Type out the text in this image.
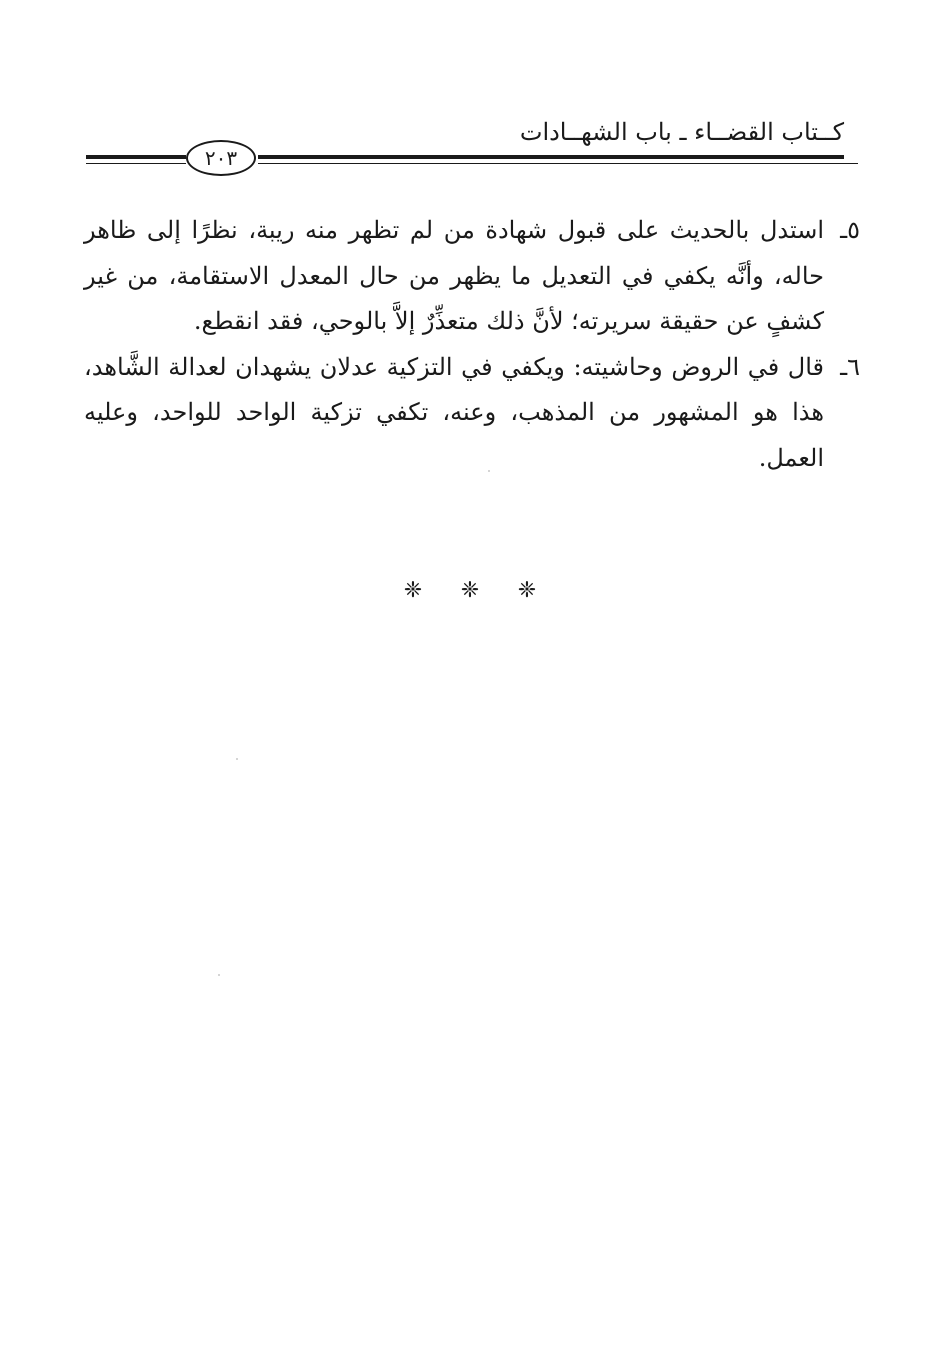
كــتاب القضــاء ـ باب الشهــادات
٢٠٣

٥ـاستدل بالحديث على قبول شهادة من لم تظهر منه ريبة، نظرًا إلى ظاهر حاله، وأنَّه يكفي في التعديل ما يظهر من حال المعدل الاستقامة، من غير كشفٍ عن حقيقة سريرته؛ لأنَّ ذلك متعذِّرٌ إلاَّ بالوحي، فقد انقطع.

٦ـقال في الروض وحاشيته: ويكفي في التزكية عدلان يشهدان لعدالة الشَّاهد، هذا هو المشهور من المذهب، وعنه، تكفي تزكية الواحد للواحد، وعليه العمل.

❈ ❈ ❈
